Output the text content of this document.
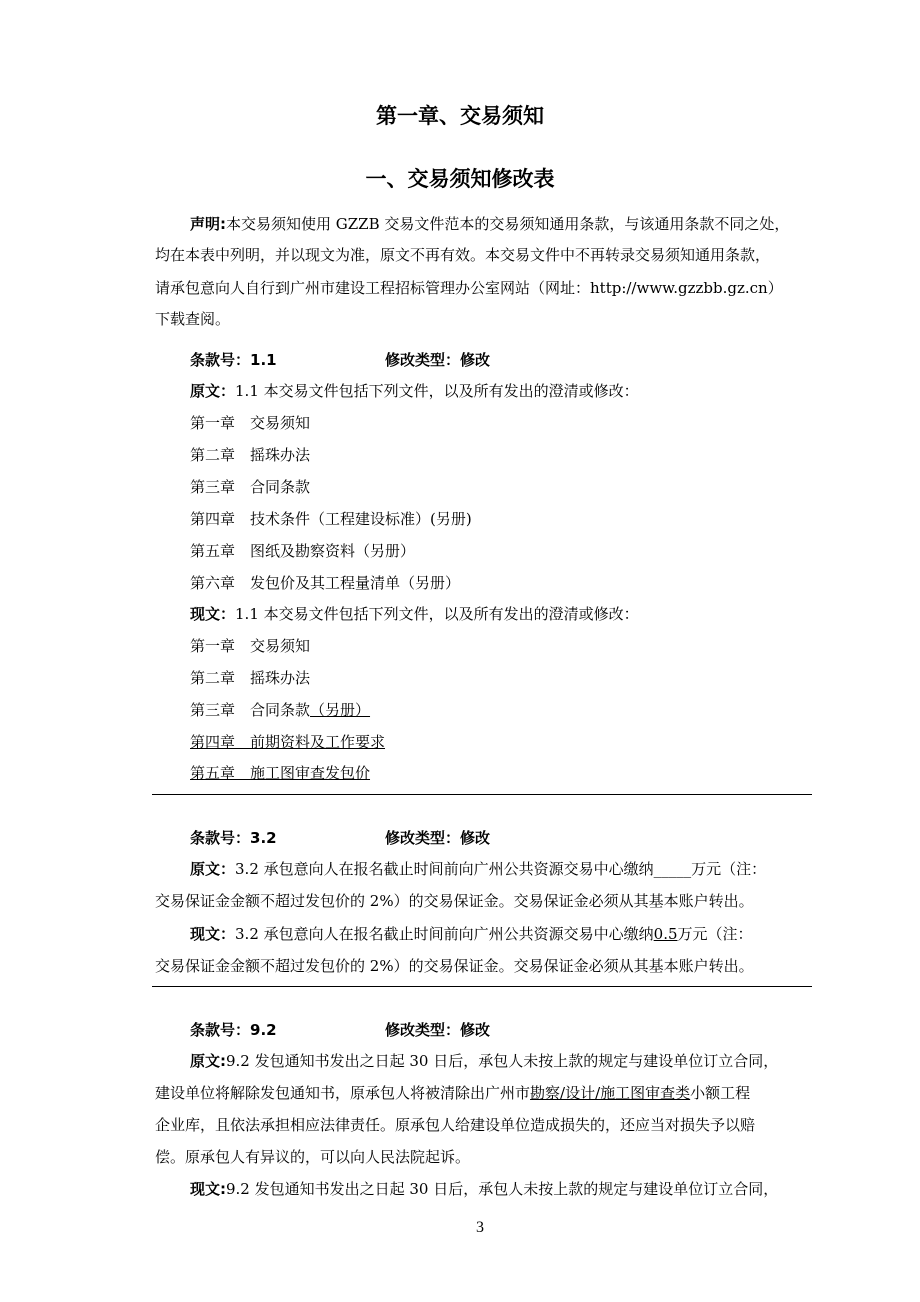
第一章、交易须知
一、交易须知修改表
声明:本交易须知使用 GZZB 交易文件范本的交易须知通用条款，与该通用条款不同之处，
均在本表中列明，并以现文为准，原文不再有效。本交易文件中不再转录交易须知通用条款，
请承包意向人自行到广州市建设工程招标管理办公室网站（网址：http://www.gzzbb.gz.cn）
下载查阅。
条款号：1.1	修改类型：修改
原文：1.1 本交易文件包括下列文件，以及所有发出的澄清或修改：
第一章　交易须知
第二章　摇珠办法
第三章　合同条款
第四章　技术条件（工程建设标准）(另册)
第五章　图纸及勘察资料（另册）
第六章　发包价及其工程量清单（另册）
现文：1.1 本交易文件包括下列文件，以及所有发出的澄清或修改：
第一章　交易须知
第二章　摇珠办法
第三章　合同条款（另册）
第四章　前期资料及工作要求
第五章　施工图审查发包价
条款号：3.2	修改类型：修改
原文：3.2 承包意向人在报名截止时间前向广州公共资源交易中心缴纳_____万元（注：
交易保证金金额不超过发包价的 2%）的交易保证金。交易保证金必须从其基本账户转出。
现文：3.2 承包意向人在报名截止时间前向广州公共资源交易中心缴纳0.5万元（注：
交易保证金金额不超过发包价的 2%）的交易保证金。交易保证金必须从其基本账户转出。
条款号：9.2	修改类型：修改
原文:9.2 发包通知书发出之日起 30 日后，承包人未按上款的规定与建设单位订立合同，
建设单位将解除发包通知书，原承包人将被清除出广州市勘察/设计/施工图审查类小额工程
企业库，且依法承担相应法律责任。原承包人给建设单位造成损失的，还应当对损失予以赔
偿。原承包人有异议的，可以向人民法院起诉。
现文:9.2 发包通知书发出之日起 30 日后，承包人未按上款的规定与建设单位订立合同，
3
